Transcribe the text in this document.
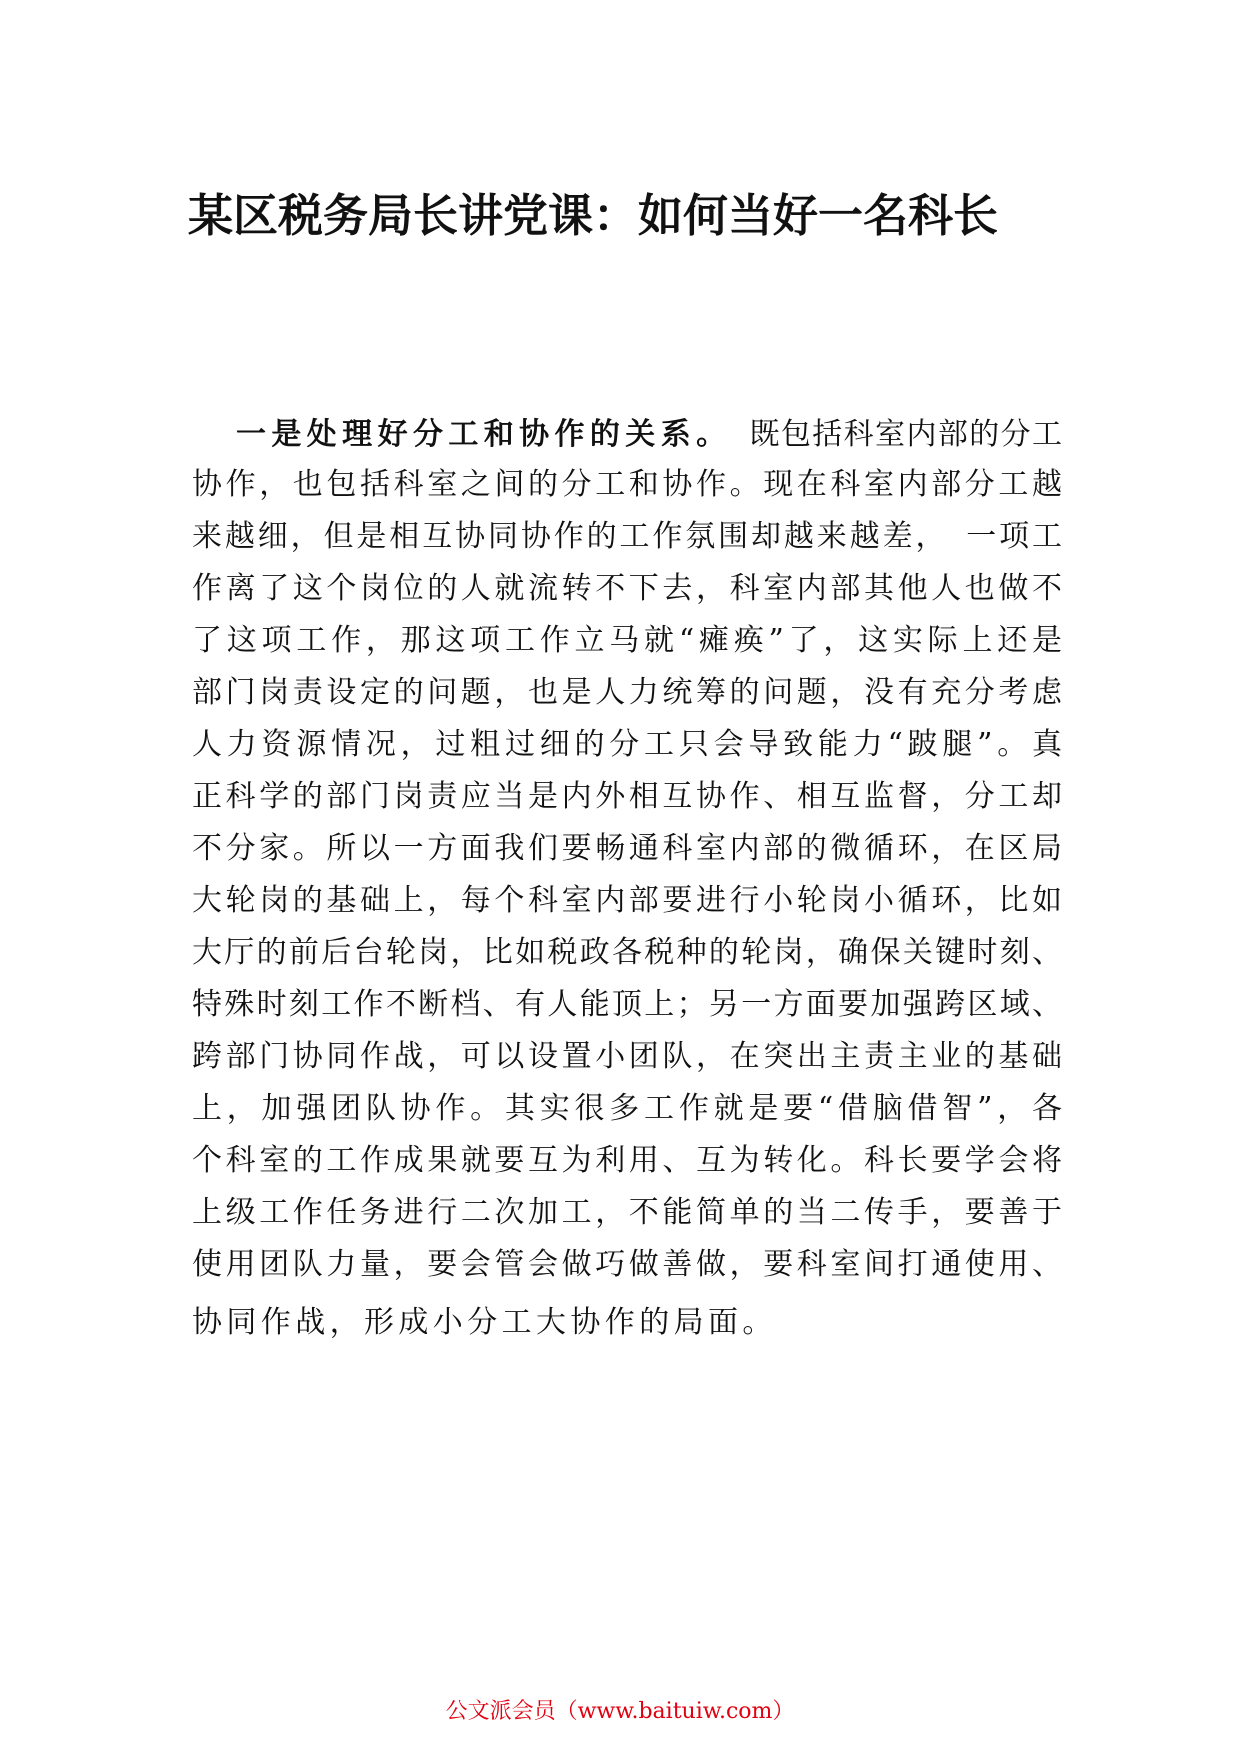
某区税务局长讲党课：如何当好一名科长
一是处理好分工和协作的关系。 既包括科室内部的分工
协作，也包括科室之间的分工和协作。现在科室内部分工越
来越细，但是相互协同协作的工作氛围却越来越差，　一项工
作离了这个岗位的人就流转不下去，科室内部其他人也做不
了这项工作，那这项工作立马就“瘫痪”了，这实际上还是
部门岗责设定的问题，也是人力统筹的问题，没有充分考虑
人力资源情况，过粗过细的分工只会导致能力“跛腿”。真
正科学的部门岗责应当是内外相互协作、相互监督，分工却
不分家。所以一方面我们要畅通科室内部的微循环，在区局
大轮岗的基础上，每个科室内部要进行小轮岗小循环，比如
大厅的前后台轮岗，比如税政各税种的轮岗，确保关键时刻、
特殊时刻工作不断档、有人能顶上；另一方面要加强跨区域、
跨部门协同作战，可以设置小团队，在突出主责主业的基础
上，加强团队协作。其实很多工作就是要“借脑借智”，各
个科室的工作成果就要互为利用、互为转化。科长要学会将
上级工作任务进行二次加工，不能简单的当二传手，要善于
使用团队力量，要会管会做巧做善做，要科室间打通使用、
协同作战，形成小分工大协作的局面。
公文派会员（www.baituiw.com）
